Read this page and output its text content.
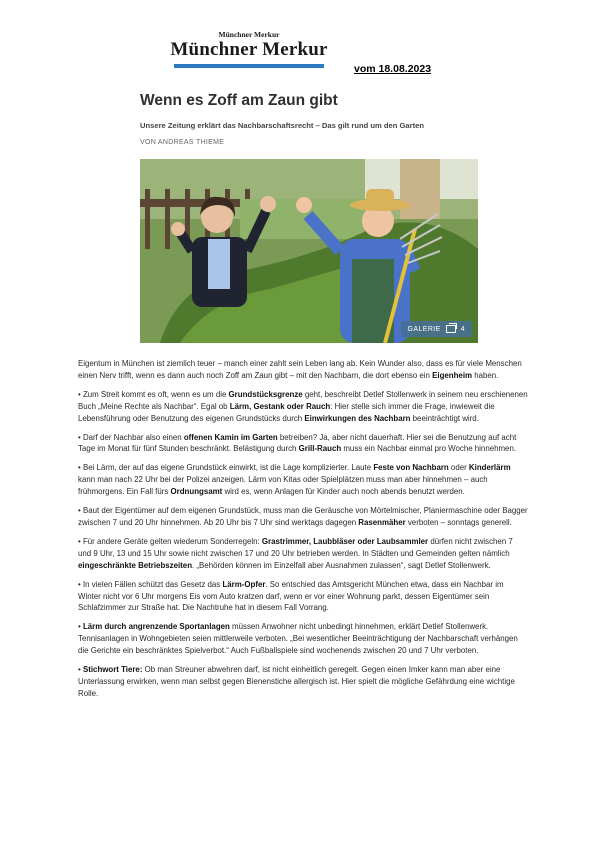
Münchner Merkur
Münchner Merkur
vom 18.08.2023
Wenn es Zoff am Zaun gibt
Unsere Zeitung erklärt das Nachbarschaftsrecht – Das gilt rund um den Garten
VON ANDREAS THIEME
GALERIE	4

Eigentum in München ist ziemlich teuer – manch einer zahlt sein Leben lang ab. Kein Wunder also, dass es für viele Menschen einen Nerv trifft, wenn es dann auch noch Zoff am Zaun gibt – mit den Nachbarn, die dort ebenso ein Eigenheim haben.

• Zum Streit kommt es oft, wenn es um die Grundstücksgrenze geht, beschreibt Detlef Stollenwerk in seinem neu erschienenen Buch „Meine Rechte als Nachbar“. Egal ob Lärm, Gestank oder Rauch: Hier stelle sich immer die Frage, inwieweit die Lebensführung oder Benutzung des eigenen Grundstücks durch Einwirkungen des Nachbarn beeinträchtigt wird.

• Darf der Nachbar also einen offenen Kamin im Garten betreiben? Ja, aber nicht dauerhaft. Hier sei die Benutzung auf acht Tage im Monat für fünf Stunden beschränkt. Belästigung durch Grill-Rauch muss ein Nachbar einmal pro Woche hinnehmen.

• Bei Lärm, der auf das eigene Grundstück einwirkt, ist die Lage komplizierter. Laute Feste von Nachbarn oder Kinderlärm kann man nach 22 Uhr bei der Polizei anzeigen. Lärm von Kitas oder Spielplätzen muss man aber hinnehmen – auch frühmorgens. Ein Fall fürs Ordnungsamt wird es, wenn Anlagen für Kinder auch noch abends benutzt werden.

• Baut der Eigentümer auf dem eigenen Grundstück, muss man die Geräusche von Mörtelmischer, Planiermaschine oder Bagger zwischen 7 und 20 Uhr hinnehmen. Ab 20 Uhr bis 7 Uhr sind werktags dagegen Rasenmäher verboten – sonntags generell.

• Für andere Geräte gelten wiederum Sonderregeln: Grastrimmer, Laubbläser oder Laubsammler dürfen nicht zwischen 7 und 9 Uhr, 13 und 15 Uhr sowie nicht zwischen 17 und 20 Uhr betrieben werden. In Städten und Gemeinden gelten nämlich eingeschränkte Betriebszeiten. „Behörden können im Einzelfall aber Ausnahmen zulassen“, sagt Detlef Stollenwerk.

• In vielen Fällen schützt das Gesetz das Lärm-Opfer. So entschied das Amtsgericht München etwa, dass ein Nachbar im Winter nicht vor 6 Uhr morgens Eis vom Auto kratzen darf, wenn er vor einer Wohnung parkt, dessen Eigentümer sein Schlafzimmer zur Straße hat. Die Nachtruhe hat in diesem Fall Vorrang.

• Lärm durch angrenzende Sportanlagen müssen Anwohner nicht unbedingt hinnehmen, erklärt Detlef Stollenwerk. Tennisanlagen in Wohngebieten seien mittlerweile verboten. „Bei wesentlicher Beeinträchtigung der Nachbarschaft verhängen die Gerichte ein beschränktes Spielverbot.“ Auch Fußballspiele sind wochenends zwischen 20 und 7 Uhr verboten.

• Stichwort Tiere: Ob man Streuner abwehren darf, ist nicht einheitlich geregelt. Gegen einen Imker kann man aber eine Unterlassung erwirken, wenn man selbst gegen Bienenstiche allergisch ist. Hier spielt die mögliche Gefährdung eine wichtige Rolle.
